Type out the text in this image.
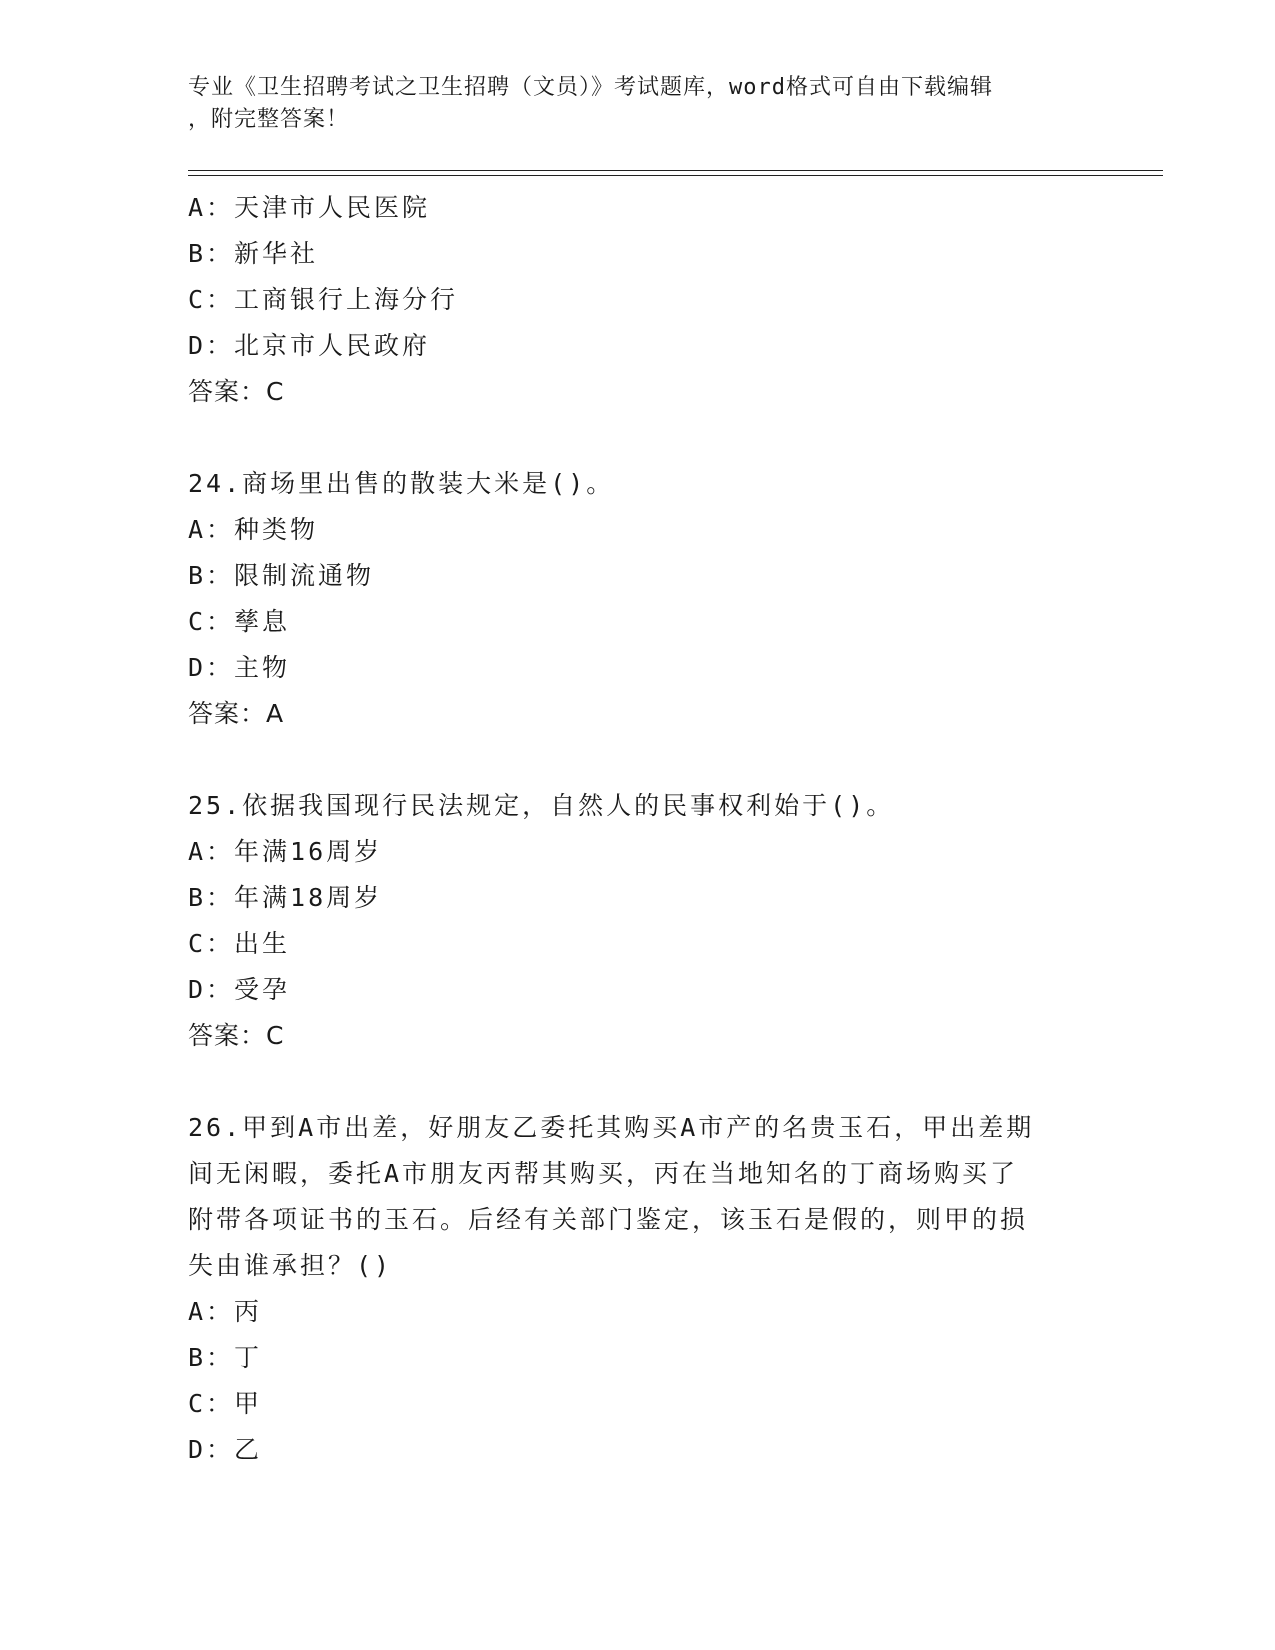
专业《卫生招聘考试之卫生招聘（文员）》考试题库，word格式可自由下载编辑
，附完整答案！
A：天津市人民医院
B：新华社
C：工商银行上海分行
D：北京市人民政府
答案：C
24.商场里出售的散装大米是()。
A：种类物
B：限制流通物
C：孳息
D：主物
答案：A
25.依据我国现行民法规定，自然人的民事权利始于()。
A：年满16周岁
B：年满18周岁
C：出生
D：受孕
答案：C
26.甲到A市出差，好朋友乙委托其购买A市产的名贵玉石，甲出差期
间无闲暇，委托A市朋友丙帮其购买，丙在当地知名的丁商场购买了
附带各项证书的玉石。后经有关部门鉴定，该玉石是假的，则甲的损
失由谁承担？()
A：丙
B：丁
C：甲
D：乙
